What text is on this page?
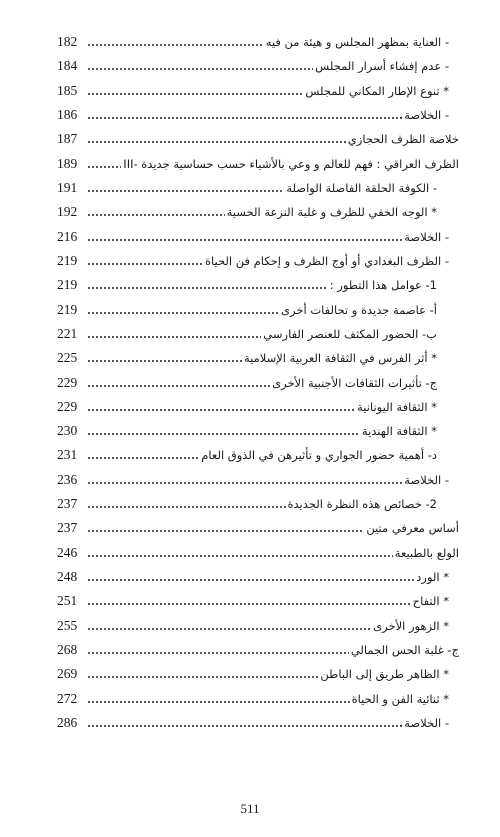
182	- العناية بمظهر المجلس و هيئة من فيه
184	- عدم إفشاء أسرار المجلس
185	* تنوع الإطار المكاني للمجلس
186	- الخلاصة
187	خلاصة الظرف الحجازي
189	III- الظرف العراقي : فهم للعالم و وعي بالأشياء حسب حساسية جديدة
191	- الكوفة الحلقة الفاصلة الواصلة
192	* الوجه الخفي للظرف و غلبة النزعة الحسية
216	- الخلاصة
219	- الظرف البغدادي أو أوج الظرف و إحكام فن الحياة
219	1- عوامل هذا التطور :
219	أ- عاصمة جديدة و تحالفات أخرى
221	ب- الحضور المكثف للعنصر الفارسي
225	* أثر الفرس في الثقافة العربية الإسلامية
229	ج- تأثيرات الثقافات الأجنبية الأخرى
229	* الثقافة اليونانية
230	* الثقافة الهندية
231	د- أهمية حضور الجواري و تأثيرهن في الذوق العام
236	- الخلاصة
237	2- خصائص هذه النظرة الجديدة
237	أساس معرفي متين
246	الولع بالطبيعة
248	* الورد
251	* التفاح
255	* الزهور الأخرى
268	ج- غلبة الحس الجمالي
269	* الظاهر طريق إلى الباطن
272	* ثنائية الفن و الحياة
286	- الخلاصة
511
